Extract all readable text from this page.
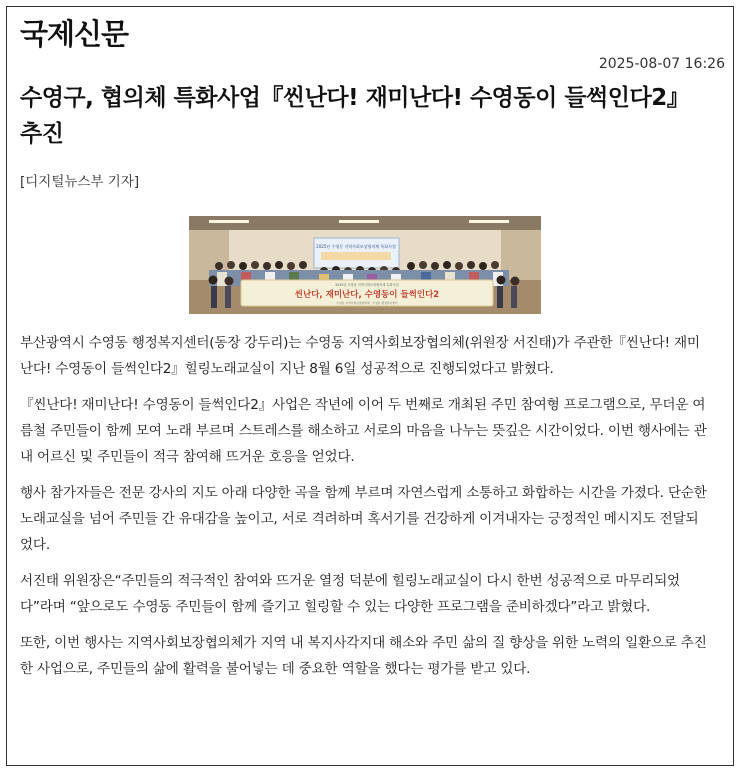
국제신문
2025-08-07 16:26
수영구, 협의체 특화사업『씬난다! 재미난다! 수영동이 들썩인다2』추진
[디지털뉴스부 기자]
2025년 수영동 지역사회보장협의체 특화사업
2025년 수영동 지역사회보장협의체 특화사업
씬난다, 재미난다, 수영동이 들썩인다2
수영동 지역사회보장협의체 · 수영동 행정복지센터

부산광역시 수영동 행정복지센터(동장 강두리)는 수영동 지역사회보장협의체(위원장 서진태)가 주관한『씬난다! 재미난다! 수영동이 들썩인다2』힐링노래교실이 지난 8월 6일 성공적으로 진행되었다고 밝혔다.

『씬난다! 재미난다! 수영동이 들썩인다2』사업은 작년에 이어 두 번째로 개최된 주민 참여형 프로그램으로, 무더운 여름철 주민들이 함께 모여 노래 부르며 스트레스를 해소하고 서로의 마음을 나누는 뜻깊은 시간이었다. 이번 행사에는 관내 어르신 및 주민들이 적극 참여해 뜨거운 호응을 얻었다.

행사 참가자들은 전문 강사의 지도 아래 다양한 곡을 함께 부르며 자연스럽게 소통하고 화합하는 시간을 가졌다. 단순한 노래교실을 넘어 주민들 간 유대감을 높이고, 서로 격려하며 혹서기를 건강하게 이겨내자는 긍정적인 메시지도 전달되었다.

서진태 위원장은“주민들의 적극적인 참여와 뜨거운 열정 덕분에 힐링노래교실이 다시 한번 성공적으로 마무리되었다”라며 “앞으로도 수영동 주민들이 함께 즐기고 힐링할 수 있는 다양한 프로그램을 준비하겠다”라고 밝혔다.

또한, 이번 행사는 지역사회보장협의체가 지역 내 복지사각지대 해소와 주민 삶의 질 향상을 위한 노력의 일환으로 추진한 사업으로, 주민들의 삶에 활력을 불어넣는 데 중요한 역할을 했다는 평가를 받고 있다.
